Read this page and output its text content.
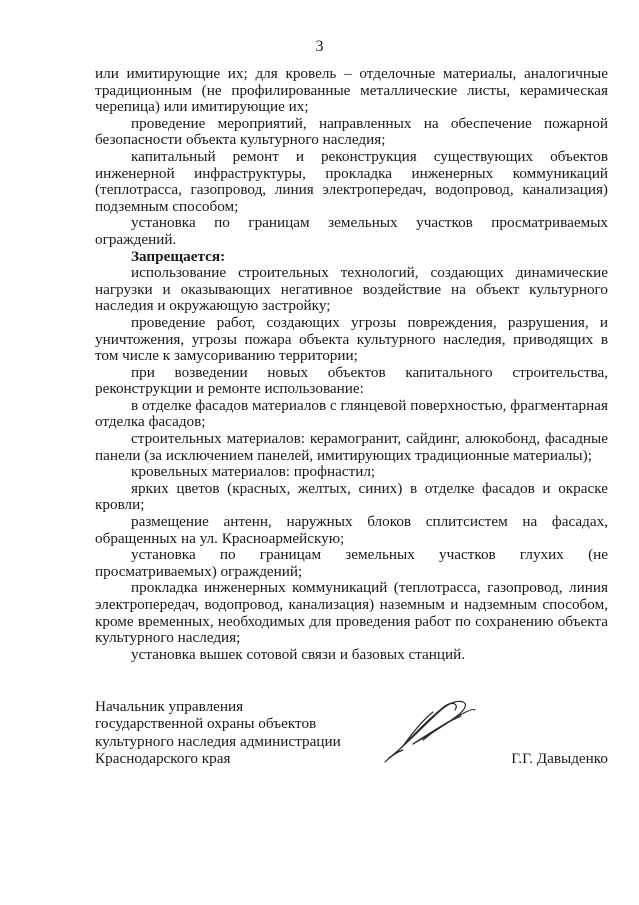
3

или имитирующие их; для кровель – отделочные материалы, аналогичные традиционным (не профилированные металлические листы, керамическая черепица) или имитирующие их;

проведение мероприятий, направленных на обеспечение пожарной безопасности объекта культурного наследия;

капитальный ремонт и реконструкция существующих объектов инженерной инфраструктуры, прокладка инженерных коммуникаций (теплотрасса, газопровод, линия электропередач, водопровод, канализация) подземным способом;

установка по границам земельных участков просматриваемых ограждений.

Запрещается:

использование строительных технологий, создающих динамические нагрузки и оказывающих негативное воздействие на объект культурного наследия и окружающую застройку;

проведение работ, создающих угрозы повреждения, разрушения, и уничтожения, угрозы пожара объекта культурного наследия, приводящих в том числе к замусориванию территории;

при возведении новых объектов капитального строительства, реконструкции и ремонте использование:

в отделке фасадов материалов с глянцевой поверхностью, фрагментарная отделка фасадов;

строительных материалов: керамогранит, сайдинг, алюкобонд, фасадные панели (за исключением панелей, имитирующих традиционные материалы);

кровельных материалов: профнастил;

ярких цветов (красных, желтых, синих) в отделке фасадов и окраске кровли;

размещение антенн, наружных блоков сплитсистем на фасадах, обращенных на ул. Красноармейскую;

установка по границам земельных участков глухих (не просматриваемых) ограждений;

прокладка инженерных коммуникаций (теплотрасса, газопровод, линия электропередач, водопровод, канализация) наземным и надземным способом, кроме временных, необходимых для проведения работ по сохранению объекта культурного наследия;

установка вышек сотовой связи и базовых станций.

Начальник управления
государственной охраны объектов
культурного наследия администрации
Краснодарского края	Г.Г. Давыденко
